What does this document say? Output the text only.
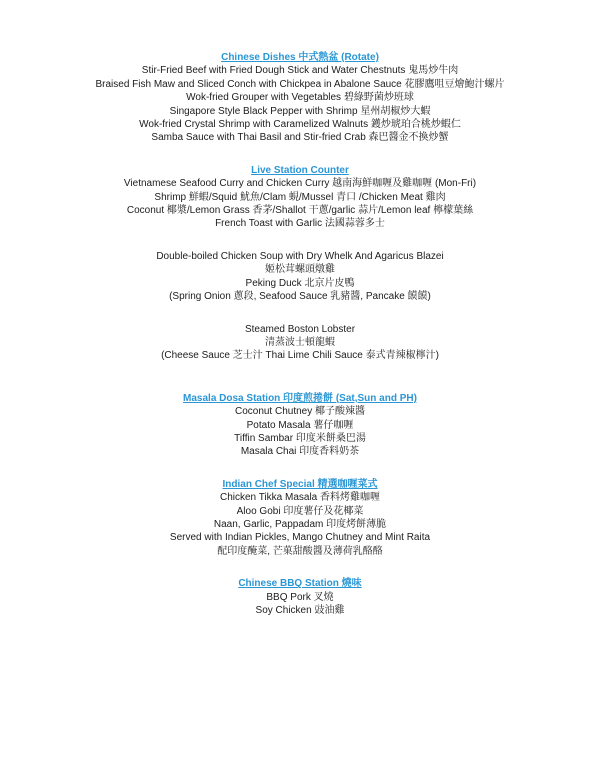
Chinese Dishes 中式熱盆 (Rotate)
Stir-Fried Beef with Fried Dough Stick and Water Chestnuts 鬼馬炒牛肉
Braised Fish Maw and Sliced Conch with Chickpea in Abalone Sauce 花膠鷹咀豆燴鮑汁螺片
Wok-fried Grouper with Vegetables 碧綠野菌炒班球
Singapore Style Black Pepper with Shrimp 星州胡椒炒大蝦
Wok-fried Crystal Shrimp with Caramelized Walnuts 鑊炒琥珀合桃炒蝦仁
Samba Sauce with Thai Basil and Stir-fried Crab 森巴醬金不換炒蟹
Live Station Counter
Vietnamese Seafood Curry and Chicken Curry 越南海鮮咖喱及雞咖喱 (Mon-Fri)
Shrimp 鮮蝦/Squid 魷魚/Clam 蜆/Mussel 青口 /Chicken Meat 雞肉
Coconut 椰漿/Lemon Grass 香茅/Shallot 干蔥/garlic 蒜片/Lemon leaf 檸檬葉絲
French Toast with Garlic 法國蒜蓉多士
Double-boiled Chicken Soup with Dry Whelk And Agaricus Blazei
姬松茸螺頭燉雞
Peking Duck 北京片皮鴨
(Spring Onion 蔥段, Seafood Sauce 乳豬醬, Pancake 饃饃)
Steamed Boston Lobster
清蒸波士頓龍蝦
(Cheese Sauce 芝士汁 Thai Lime Chili Sauce 泰式青辣椒檸汁)
Masala Dosa Station 印度煎捲餅 (Sat,Sun and PH)
Coconut Chutney 椰子酸辣醬
Potato Masala 薯仔咖喱
Tiffin Sambar 印度米餅桑巴湯
Masala Chai 印度香料奶茶
Indian Chef Special 精選咖喱菜式
Chicken Tikka Masala 香料烤雞咖喱
Aloo Gobi 印度薯仔及花椰菜
Naan, Garlic, Pappadam 印度烤餅薄脆
Served with Indian Pickles, Mango Chutney and Mint Raita
配印度醃菜, 芒菓甜酸醬及薄荷乳酪酪
Chinese BBQ Station 燒味
BBQ Pork 叉燒
Soy Chicken 豉油雞
